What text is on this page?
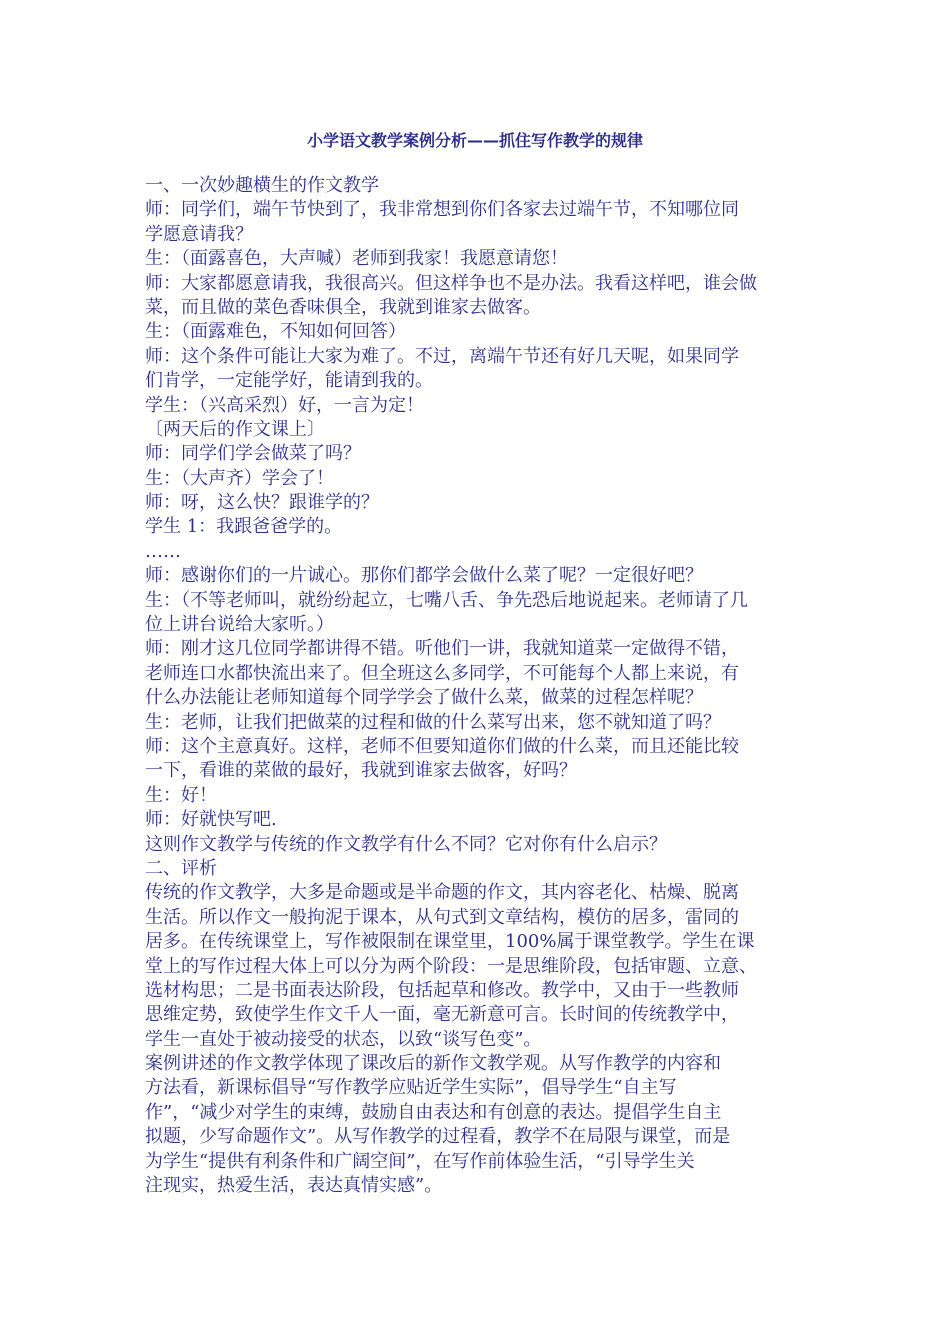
小学语文教学案例分析——抓住写作教学的规律
一、一次妙趣横生的作文教学
师：同学们，端午节快到了，我非常想到你们各家去过端午节，不知哪位同
学愿意请我？
生：（面露喜色，大声喊）老师到我家！我愿意请您！
师：大家都愿意请我，我很高兴。但这样争也不是办法。我看这样吧，谁会做
菜，而且做的菜色香味俱全，我就到谁家去做客。
生：（面露难色，不知如何回答）
师：这个条件可能让大家为难了。不过，离端午节还有好几天呢，如果同学
们肯学，一定能学好，能请到我的。
学生：（兴高采烈）好，一言为定！
〔两天后的作文课上〕
师：同学们学会做菜了吗？
生：（大声齐）学会了！
师：呀，这么快？跟谁学的？
学生 1：我跟爸爸学的。
……
师：感谢你们的一片诚心。那你们都学会做什么菜了呢？一定很好吧？
生：（不等老师叫，就纷纷起立，七嘴八舌、争先恐后地说起来。老师请了几
位上讲台说给大家听。）
师：刚才这几位同学都讲得不错。听他们一讲，我就知道菜一定做得不错，
老师连口水都快流出来了。但全班这么多同学，不可能每个人都上来说，有
什么办法能让老师知道每个同学学会了做什么菜，做菜的过程怎样呢？
生：老师，让我们把做菜的过程和做的什么菜写出来，您不就知道了吗？
师：这个主意真好。这样，老师不但要知道你们做的什么菜，而且还能比较
一下，看谁的菜做的最好，我就到谁家去做客，好吗？
生：好！
师：好就快写吧.
这则作文教学与传统的作文教学有什么不同？它对你有什么启示？
二、评析
传统的作文教学，大多是命题或是半命题的作文，其内容老化、枯燥、脱离
生活。所以作文一般拘泥于课本，从句式到文章结构，模仿的居多，雷同的
居多。在传统课堂上，写作被限制在课堂里，100%属于课堂教学。学生在课
堂上的写作过程大体上可以分为两个阶段：一是思维阶段，包括审题、立意、
选材构思；二是书面表达阶段，包括起草和修改。教学中，又由于一些教师
思维定势，致使学生作文千人一面，毫无新意可言。长时间的传统教学中，
学生一直处于被动接受的状态，以致“谈写色变”。
案例讲述的作文教学体现了课改后的新作文教学观。从写作教学的内容和
方法看，新课标倡导“写作教学应贴近学生实际”，倡导学生“自主写
作”，“减少对学生的束缚，鼓励自由表达和有创意的表达。提倡学生自主
拟题，少写命题作文”。从写作教学的过程看，教学不在局限与课堂，而是
为学生“提供有利条件和广阔空间”，在写作前体验生活，“引导学生关
注现实，热爱生活，表达真情实感”。
